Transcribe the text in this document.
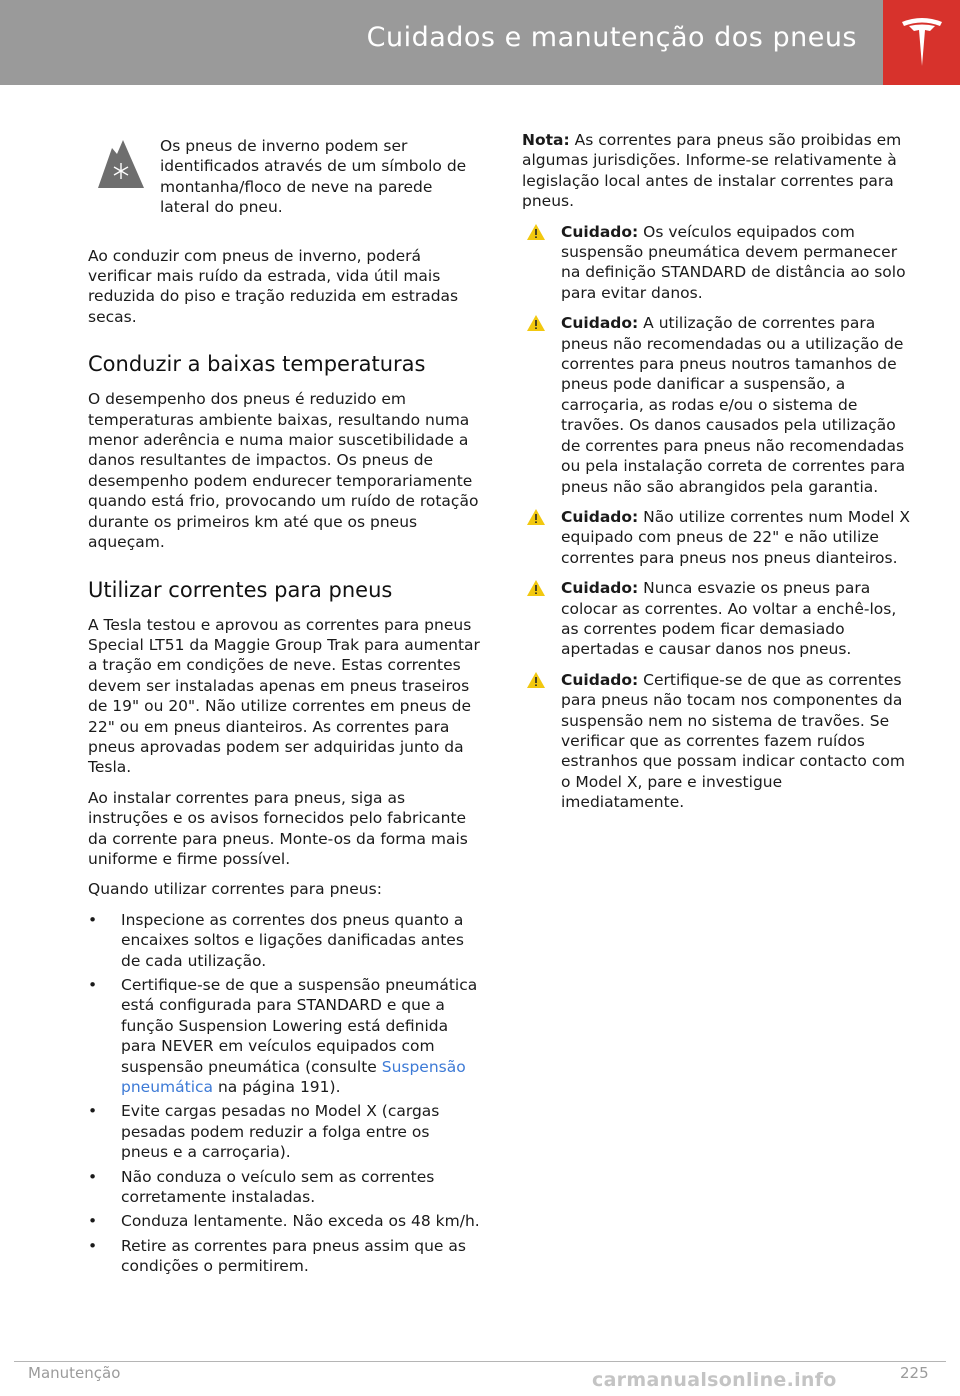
Cuidados e manutenção dos pneus

Os pneus de inverno podem ser identificados através de um símbolo de montanha/floco de neve na parede lateral do pneu.

Ao conduzir com pneus de inverno, poderá verificar mais ruído da estrada, vida útil mais reduzida do piso e tração reduzida em estradas secas.

Conduzir a baixas temperaturas

O desempenho dos pneus é reduzido em temperaturas ambiente baixas, resultando numa menor aderência e numa maior suscetibilidade a danos resultantes de impactos. Os pneus de desempenho podem endurecer temporariamente quando está frio, provocando um ruído de rotação durante os primeiros km até que os pneus aqueçam.

Utilizar correntes para pneus

A Tesla testou e aprovou as correntes para pneus Special LT51 da Maggie Group Trak para aumentar a tração em condições de neve. Estas correntes devem ser instaladas apenas em pneus traseiros de 19" ou 20". Não utilize correntes em pneus de 22" ou em pneus dianteiros. As correntes para pneus aprovadas podem ser adquiridas junto da Tesla.

Ao instalar correntes para pneus, siga as instruções e os avisos fornecidos pelo fabricante da corrente para pneus. Monte-os da forma mais uniforme e firme possível.

Quando utilizar correntes para pneus:

• Inspecione as correntes dos pneus quanto a encaixes soltos e ligações danificadas antes de cada utilização.
• Certifique-se de que a suspensão pneumática está configurada para STANDARD e que a função Suspension Lowering está definida para NEVER em veículos equipados com suspensão pneumática (consulte Suspensão pneumática na página 191).
• Evite cargas pesadas no Model X (cargas pesadas podem reduzir a folga entre os pneus e a carroçaria).
• Não conduza o veículo sem as correntes corretamente instaladas.
• Conduza lentamente. Não exceda os 48 km/h.
• Retire as correntes para pneus assim que as condições o permitirem.

Nota: As correntes para pneus são proibidas em algumas jurisdições. Informe-se relativamente à legislação local antes de instalar correntes para pneus.

Cuidado: Os veículos equipados com suspensão pneumática devem permanecer na definição STANDARD de distância ao solo para evitar danos.

Cuidado: A utilização de correntes para pneus não recomendadas ou a utilização de correntes para pneus noutros tamanhos de pneus pode danificar a suspensão, a carroçaria, as rodas e/ou o sistema de travões. Os danos causados pela utilização de correntes para pneus não recomendadas ou pela instalação correta de correntes para pneus não são abrangidos pela garantia.

Cuidado: Não utilize correntes num Model X equipado com pneus de 22" e não utilize correntes para pneus nos pneus dianteiros.

Cuidado: Nunca esvazie os pneus para colocar as correntes. Ao voltar a enchê-los, as correntes podem ficar demasiado apertadas e causar danos nos pneus.

Cuidado: Certifique-se de que as correntes para pneus não tocam nos componentes da suspensão nem no sistema de travões. Se verificar que as correntes fazem ruídos estranhos que possam indicar contacto com o Model X, pare e investigue imediatamente.

Manutenção	225
carmanualsonline.info
